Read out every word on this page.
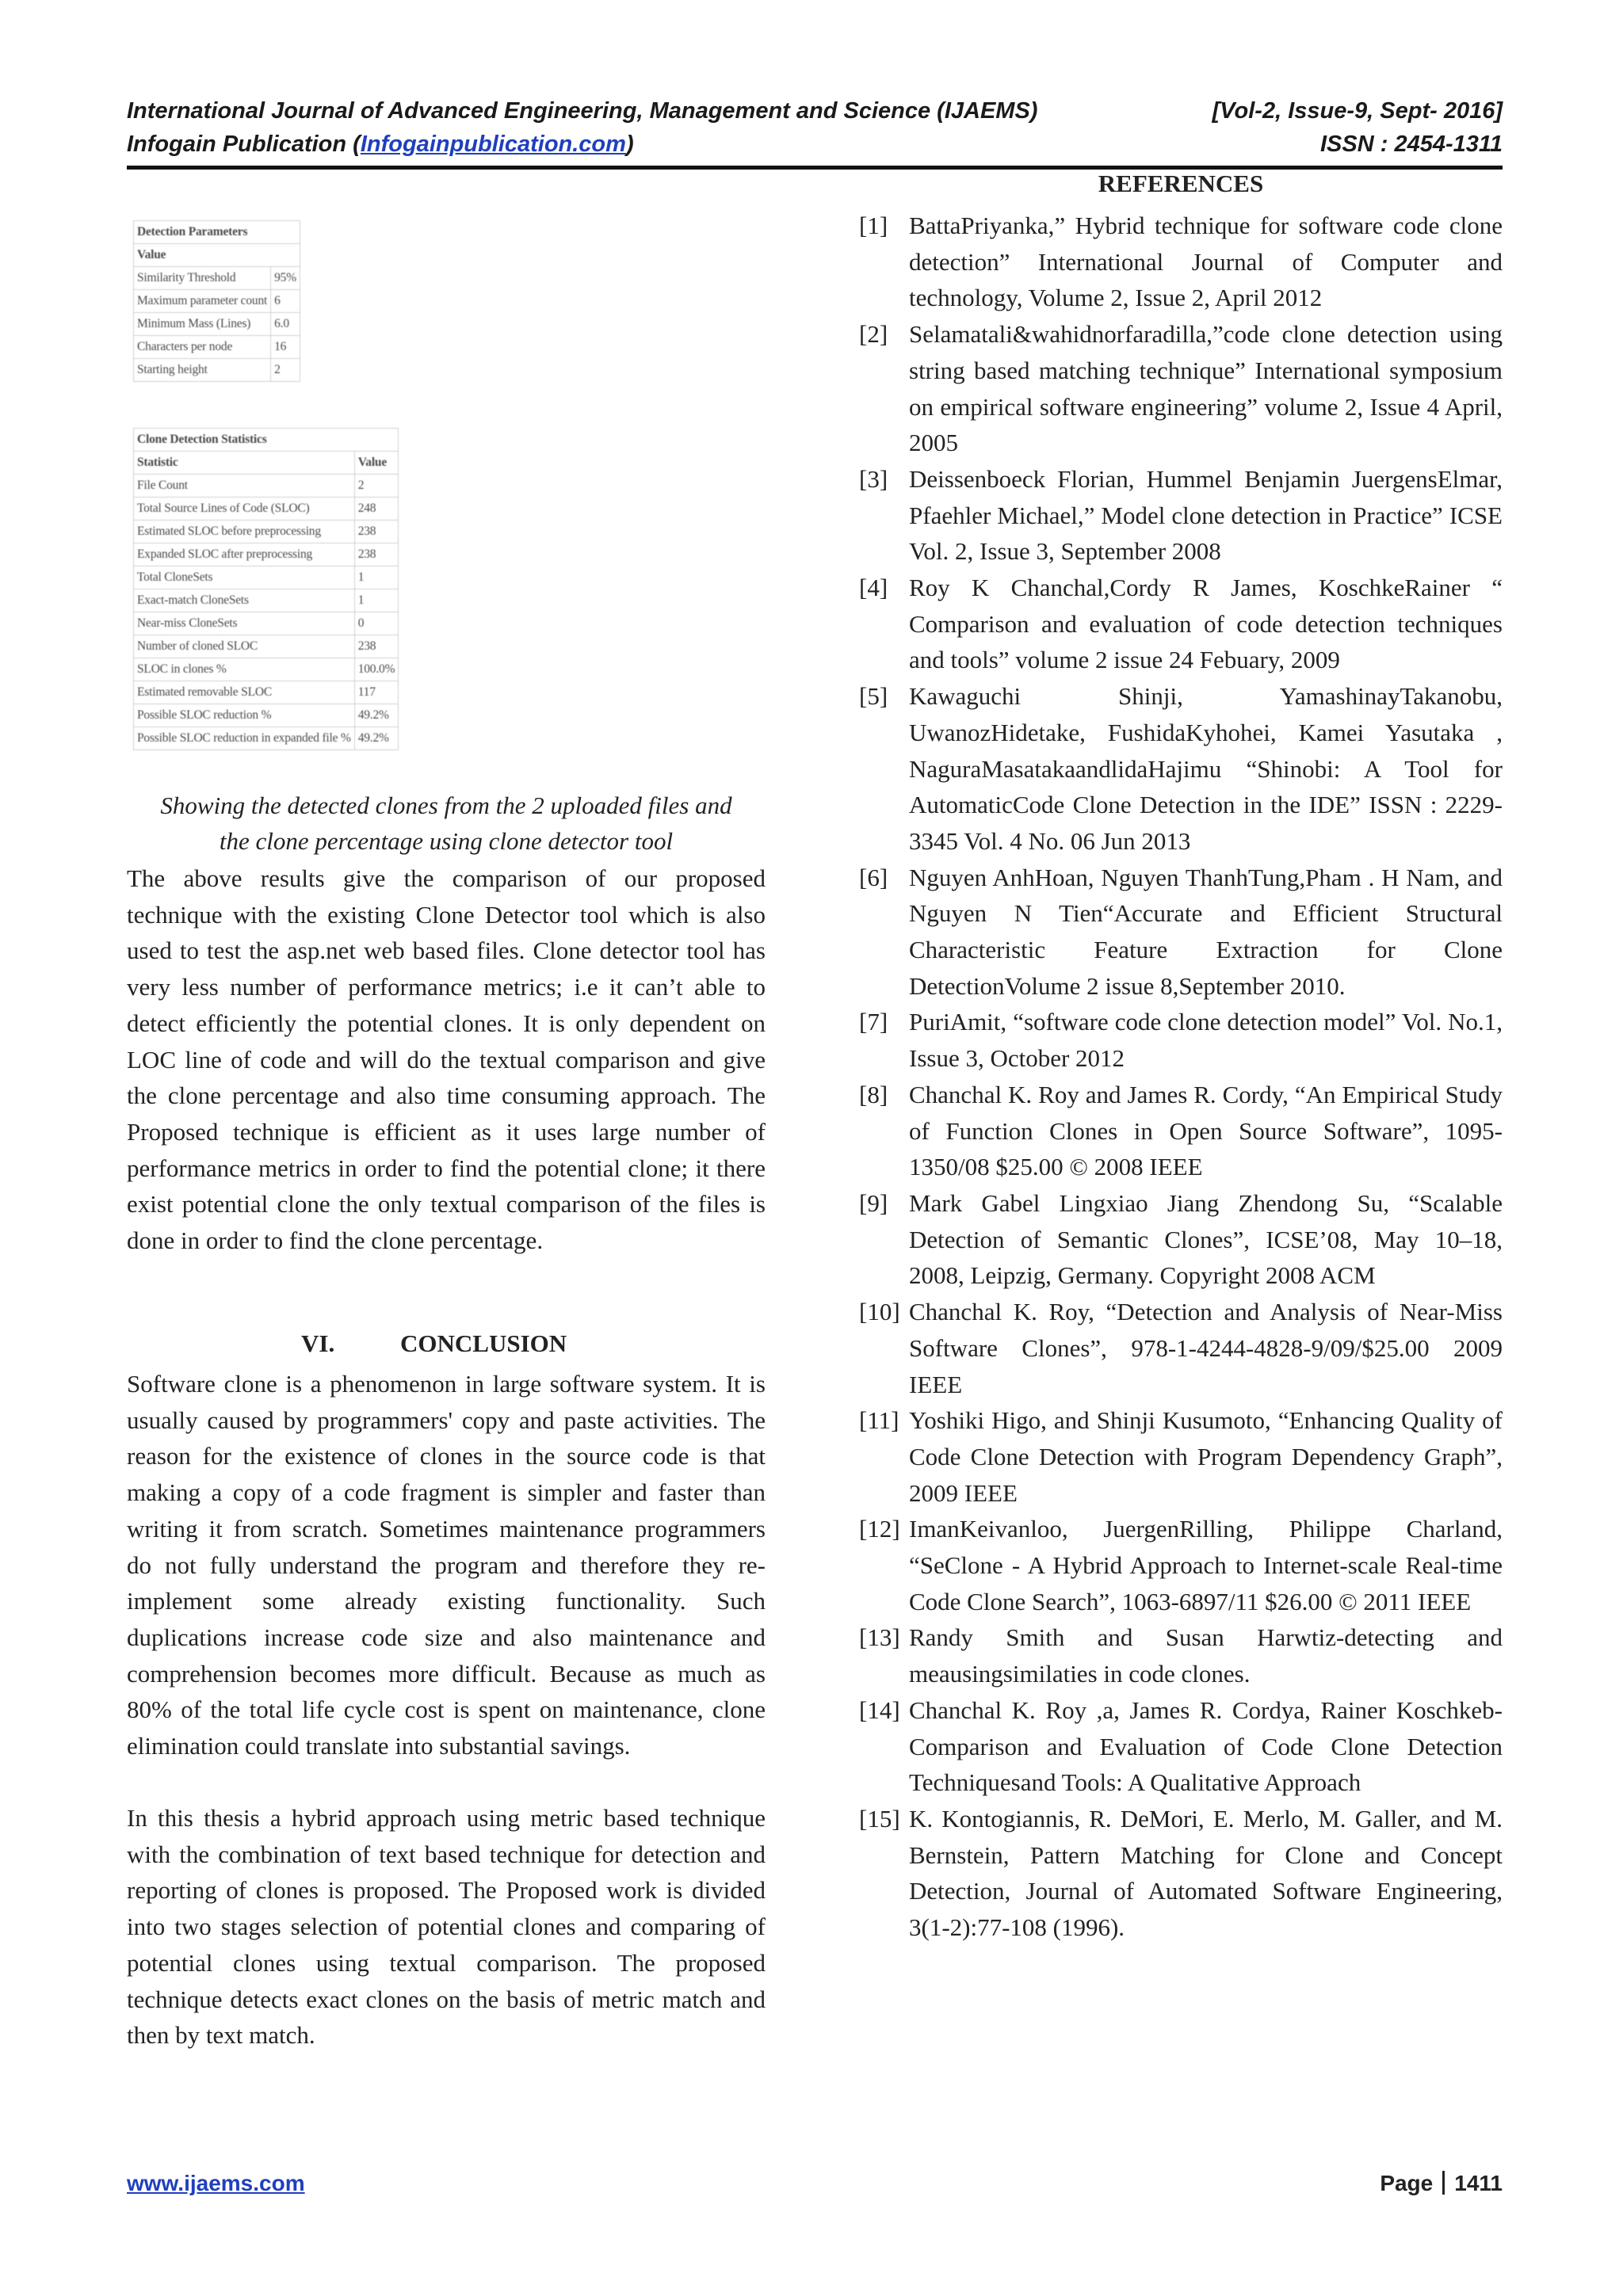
International Journal of Advanced Engineering, Management and Science (IJAEMS)	[Vol-2, Issue-9, Sept- 2016]
Infogain Publication (Infogainpublication.com)	ISSN : 2454-1311
Detection Parameters	
Value	
Similarity Threshold	95%
Maximum parameter count	6
Minimum Mass (Lines)	6.0
Characters per node	16
Starting height	2
Clone Detection Statistics	
Statistic	Value
File Count	2
Total Source Lines of Code (SLOC)	248
Estimated SLOC before preprocessing	238
Expanded SLOC after preprocessing	238
Total CloneSets	1
Exact-match CloneSets	1
Near-miss CloneSets	0
Number of cloned SLOC	238
SLOC in clones %	100.0%
Estimated removable SLOC	117
Possible SLOC reduction %	49.2%
Possible SLOC reduction in expanded file %	49.2%
Showing the detected clones from the 2 uploaded files and
the clone percentage using clone detector tool
The above results give the comparison of our proposed technique with the existing Clone Detector tool which is also used to test the asp.net web based files. Clone detector tool has very less number of performance metrics; i.e it can’t able to detect efficiently the potential clones. It is only dependent on LOC line of code and will do the textual comparison and give the clone percentage and also time consuming approach. The Proposed technique is efficient as it uses large number of performance metrics in order to find the potential clone; it there exist potential clone the only textual comparison of the files is done in order to find the clone percentage.
VI.	CONCLUSION
Software clone is a phenomenon in large software system. It is usually caused by programmers' copy and paste activities. The reason for the existence of clones in the source code is that making a copy of a code fragment is simpler and faster than writing it from scratch. Sometimes maintenance programmers do not fully understand the program and therefore they re-implement some already existing functionality. Such duplications increase code size and also maintenance and comprehension becomes more difficult. Because as much as 80% of the total life cycle cost is spent on maintenance, clone elimination could translate into substantial savings.
In this thesis a hybrid approach using metric based technique with the combination of text based technique for detection and reporting of clones is proposed. The Proposed work is divided into two stages selection of potential clones and comparing of potential clones using textual comparison. The proposed technique detects exact clones on the basis of metric match and then by text match.
REFERENCES
[1] BattaPriyanka,” Hybrid technique for software code clone detection” International Journal of Computer and technology, Volume 2, Issue 2, April 2012
[2] Selamatali&wahidnorfaradilla,”code clone detection using string based matching technique” International symposium on empirical software engineering” volume 2, Issue 4 April, 2005
[3] Deissenboeck Florian, Hummel Benjamin JuergensElmar, Pfaehler Michael,” Model clone detection in Practice” ICSE Vol. 2, Issue 3, September 2008
[4] Roy K Chanchal,Cordy R James, KoschkeRainer “ Comparison and evaluation of code detection techniques and tools” volume 2 issue 24 Febuary, 2009
[5] Kawaguchi Shinji, YamashinayTakanobu, UwanozHidetake, FushidaKyhohei, Kamei Yasutaka , NaguraMasatakaandlidaHajimu “Shinobi: A Tool for AutomaticCode Clone Detection in the IDE” ISSN : 2229-3345 Vol. 4 No. 06 Jun 2013
[6] Nguyen AnhHoan, Nguyen ThanhTung,Pham . H Nam, and Nguyen N Tien“Accurate and Efficient Structural Characteristic Feature Extraction for Clone DetectionVolume 2 issue 8,September 2010.
[7] PuriAmit, “software code clone detection model” Vol. No.1, Issue 3, October 2012
[8] Chanchal K. Roy and James R. Cordy, “An Empirical Study of Function Clones in Open Source Software”, 1095-1350/08 $25.00 © 2008 IEEE
[9] Mark Gabel Lingxiao Jiang Zhendong Su, “Scalable Detection of Semantic Clones”, ICSE’08, May 10–18, 2008, Leipzig, Germany. Copyright 2008 ACM
[10] Chanchal K. Roy, “Detection and Analysis of Near-Miss Software Clones”, 978-1-4244-4828-9/09/$25.00 2009 IEEE
[11] Yoshiki Higo, and Shinji Kusumoto, “Enhancing Quality of Code Clone Detection with Program Dependency Graph”, 2009 IEEE
[12] ImanKeivanloo, JuergenRilling, Philippe Charland, “SeClone - A Hybrid Approach to Internet-scale Real-time Code Clone Search”, 1063-6897/11 $26.00 © 2011 IEEE
[13] Randy Smith and Susan Harwtiz-detecting and meausingsimilaties in code clones.
[14] Chanchal K. Roy ,a, James R. Cordya, Rainer Koschkeb-Comparison and Evaluation of Code Clone Detection Techniquesand Tools: A Qualitative Approach
[15] K. Kontogiannis, R. DeMori, E. Merlo, M. Galler, and M. Bernstein, Pattern Matching for Clone and Concept Detection, Journal of Automated Software Engineering, 3(1-2):77-108 (1996).
www.ijaems.com	Page 1411
